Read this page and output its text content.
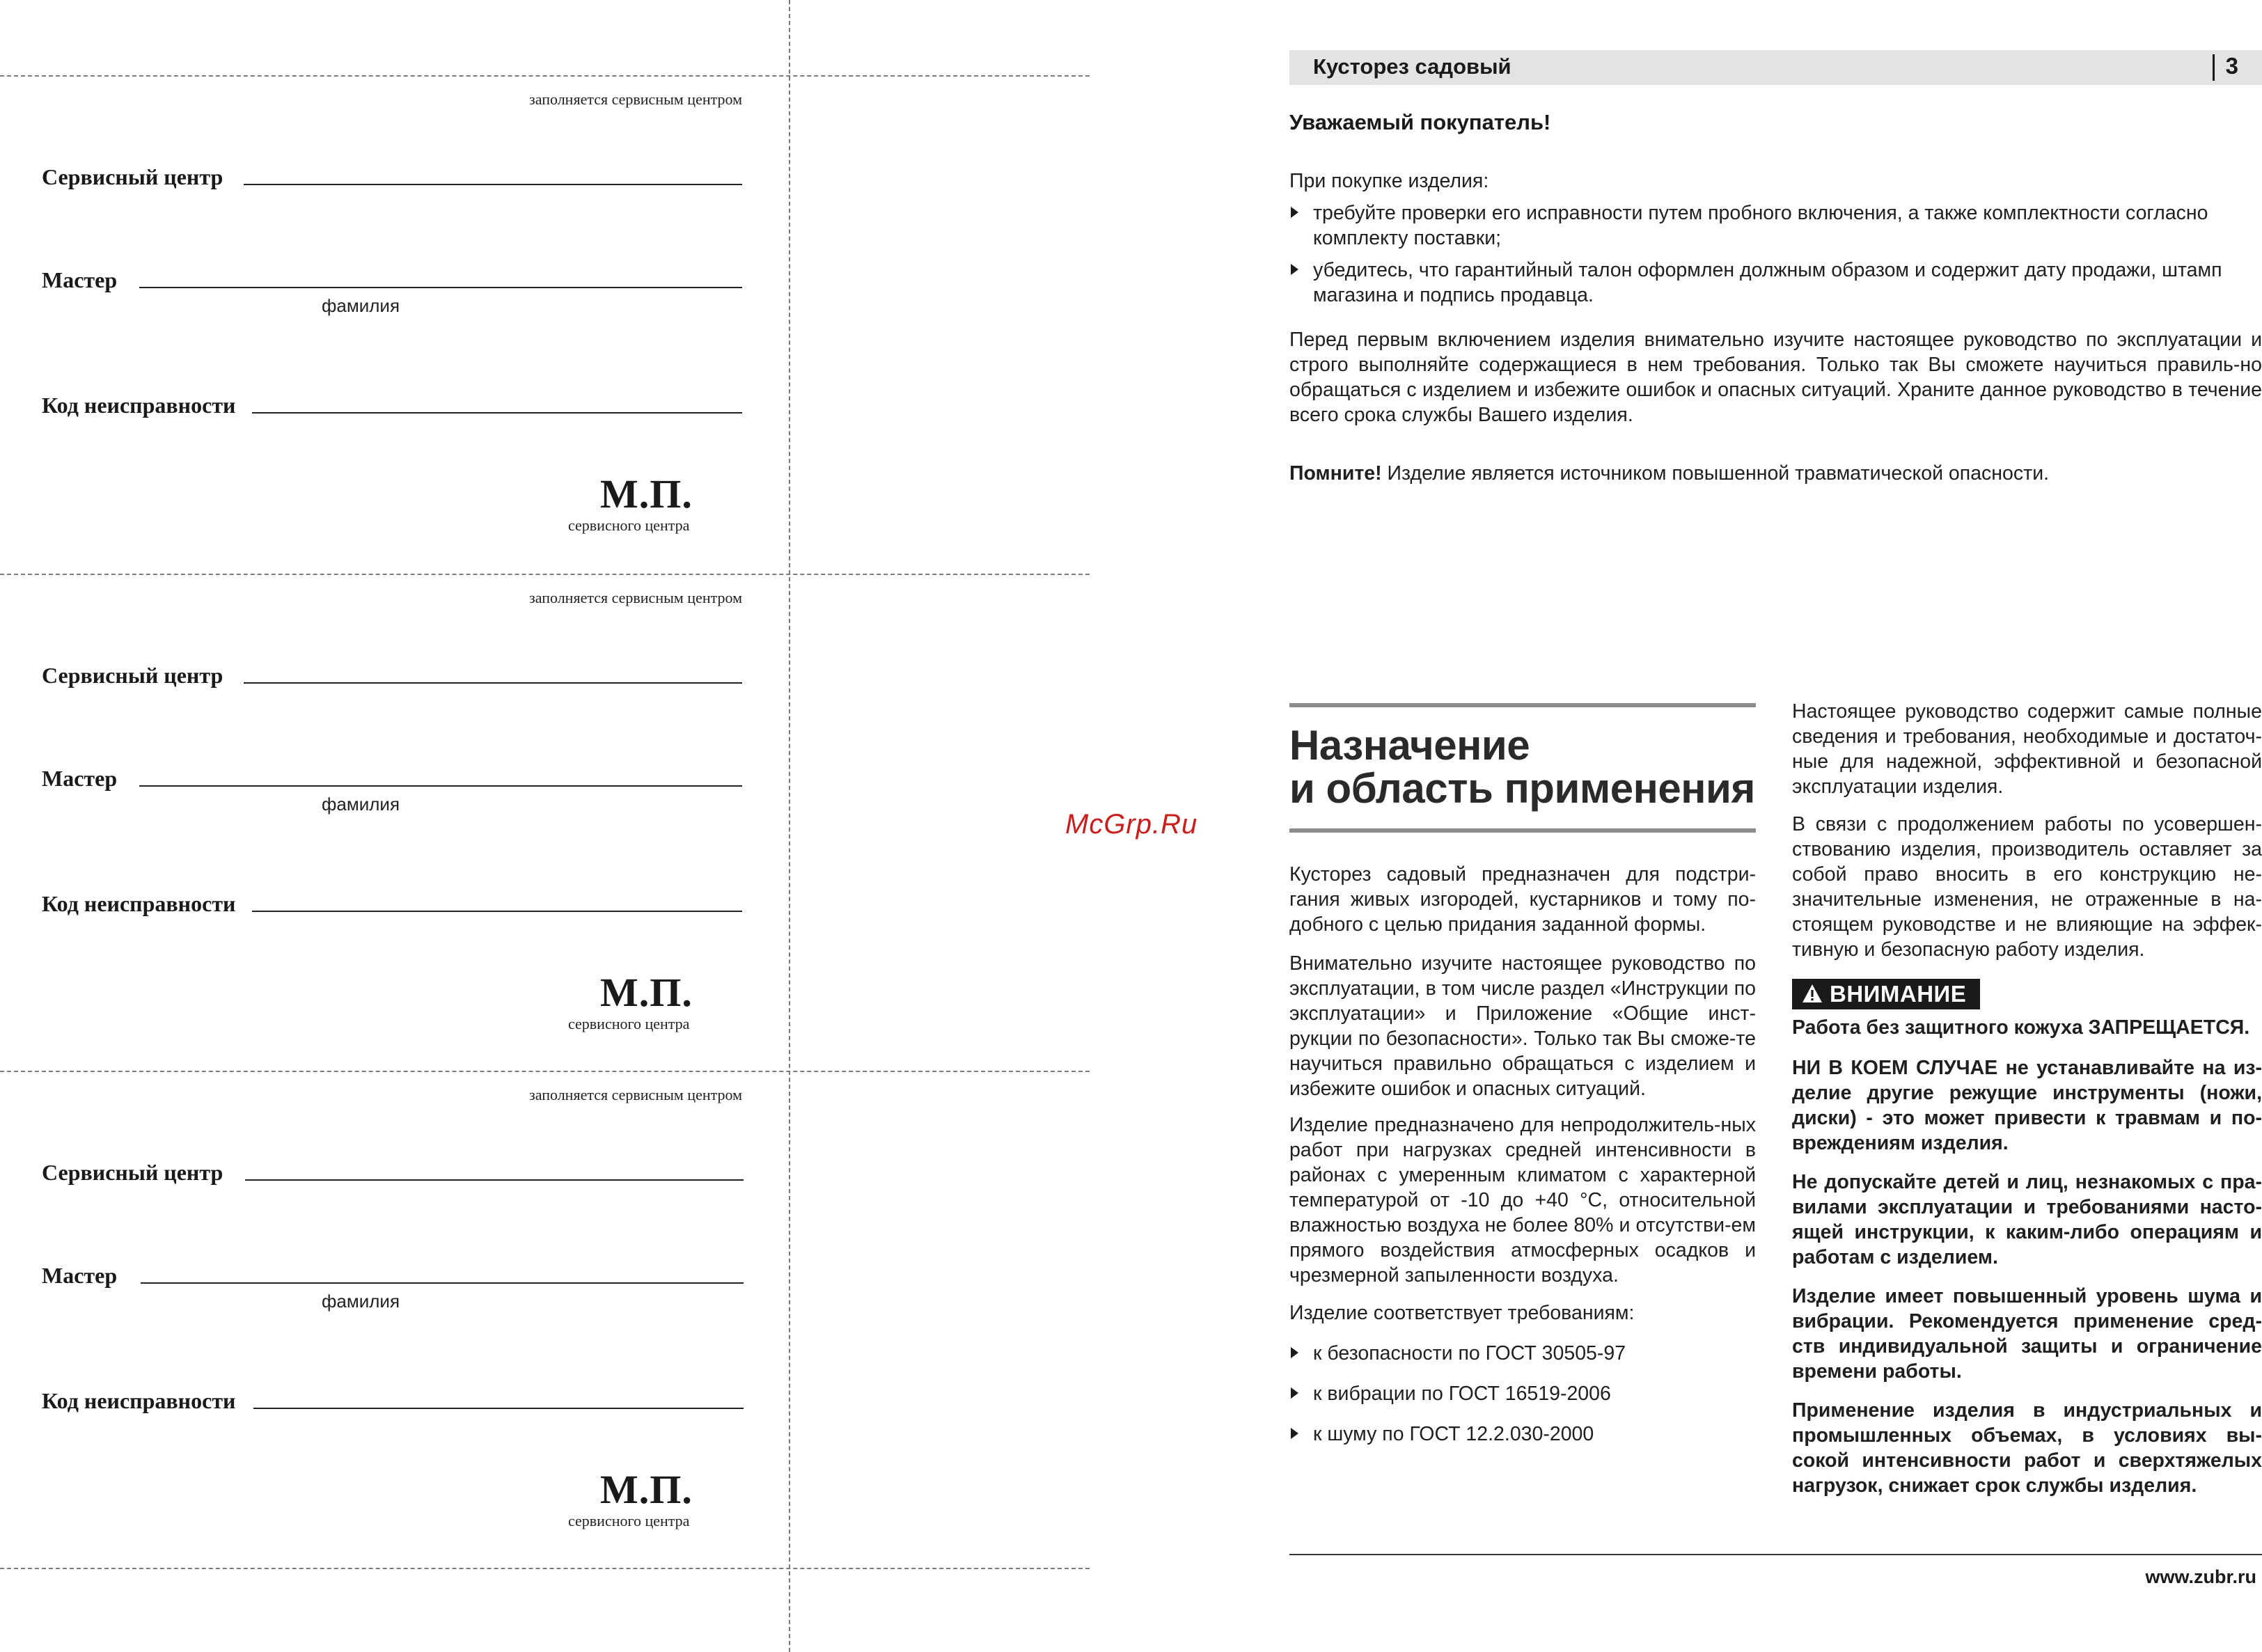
заполняется сервисным центром
Сервисный центр
Мастер
фамилия
Код неисправности
М.П.
сервисного центра
заполняется сервисным центром
Сервисный центр
Мастер
фамилия
Код неисправности
М.П.
сервисного центра
заполняется сервисным центром
Сервисный центр
Мастер
фамилия
Код неисправности
М.П.
сервисного центра
McGrp.Ru
Кусторез садовый	3
Уважаемый покупатель!

При покупке изделия:

требуйте проверки его исправности путем пробного включения, а также комплектности согласно комплекту поставки;
убедитесь, что гарантийный талон оформлен должным образом и содержит дату продажи, штамп магазина и подпись продавца.

Перед первым включением изделия внимательно изучите настоящее руководство по эксплуатации и строго выполняйте содержащиеся в нем требования. Только так Вы сможете научиться правиль-но обращаться с изделием и избежите ошибок и опасных ситуаций. Храните данное руководство в течение всего срока службы Вашего изделия.

Помните! Изделие является источником повышенной травматической опасности.

Назначение
и область применения

Кусторез садовый предназначен для подстри-гания живых изгородей, кустарников и тому по-добного с целью придания заданной формы.

Внимательно изучите настоящее руководство по эксплуатации, в том числе раздел «Инструкции по эксплуатации» и Приложение «Общие инст-рукции по безопасности». Только так Вы сможе-те научиться правильно обращаться с изделием и избежите ошибок и опасных ситуаций.

Изделие предназначено для непродолжитель-ных работ при нагрузках средней интенсивности в районах с умеренным климатом с характерной температурой от -10 до +40 °С, относительной влажностью воздуха не более 80% и отсутстви-ем прямого воздействия атмосферных осадков и чрезмерной запыленности воздуха.

Изделие соответствует требованиям:

к безопасности по ГОСТ 30505-97
к вибрации по ГОСТ 16519-2006
к шуму по ГОСТ 12.2.030-2000

Настоящее руководство содержит самые полные сведения и требования, необходимые и достаточ-ные для надежной, эффективной и безопасной эксплуатации изделия.

В связи с продолжением работы по усовершен-ствованию изделия, производитель оставляет за собой право вносить в его конструкцию не-значительные изменения, не отраженные в на-стоящем руководстве и не влияющие на эффек-тивную и безопасную работу изделия.

ВНИМАНИЕ

Работа без защитного кожуха ЗАПРЕЩАЕТСЯ.

НИ В КОЕМ СЛУЧАЕ не устанавливайте на из-делие другие режущие инструменты (ножи, диски) - это может привести к травмам и по-вреждениям изделия.

Не допускайте детей и лиц, незнакомых с пра-вилами эксплуатации и требованиями насто-ящей инструкции, к каким-либо операциям и работам с изделием.

Изделие имеет повышенный уровень шума и вибрации. Рекомендуется применение сред-ств индивидуальной защиты и ограничение времени работы.

Применение изделия в индустриальных и промышленных объемах, в условиях вы-сокой интенсивности работ и сверхтяжелых нагрузок, снижает срок службы изделия.

www.zubr.ru
